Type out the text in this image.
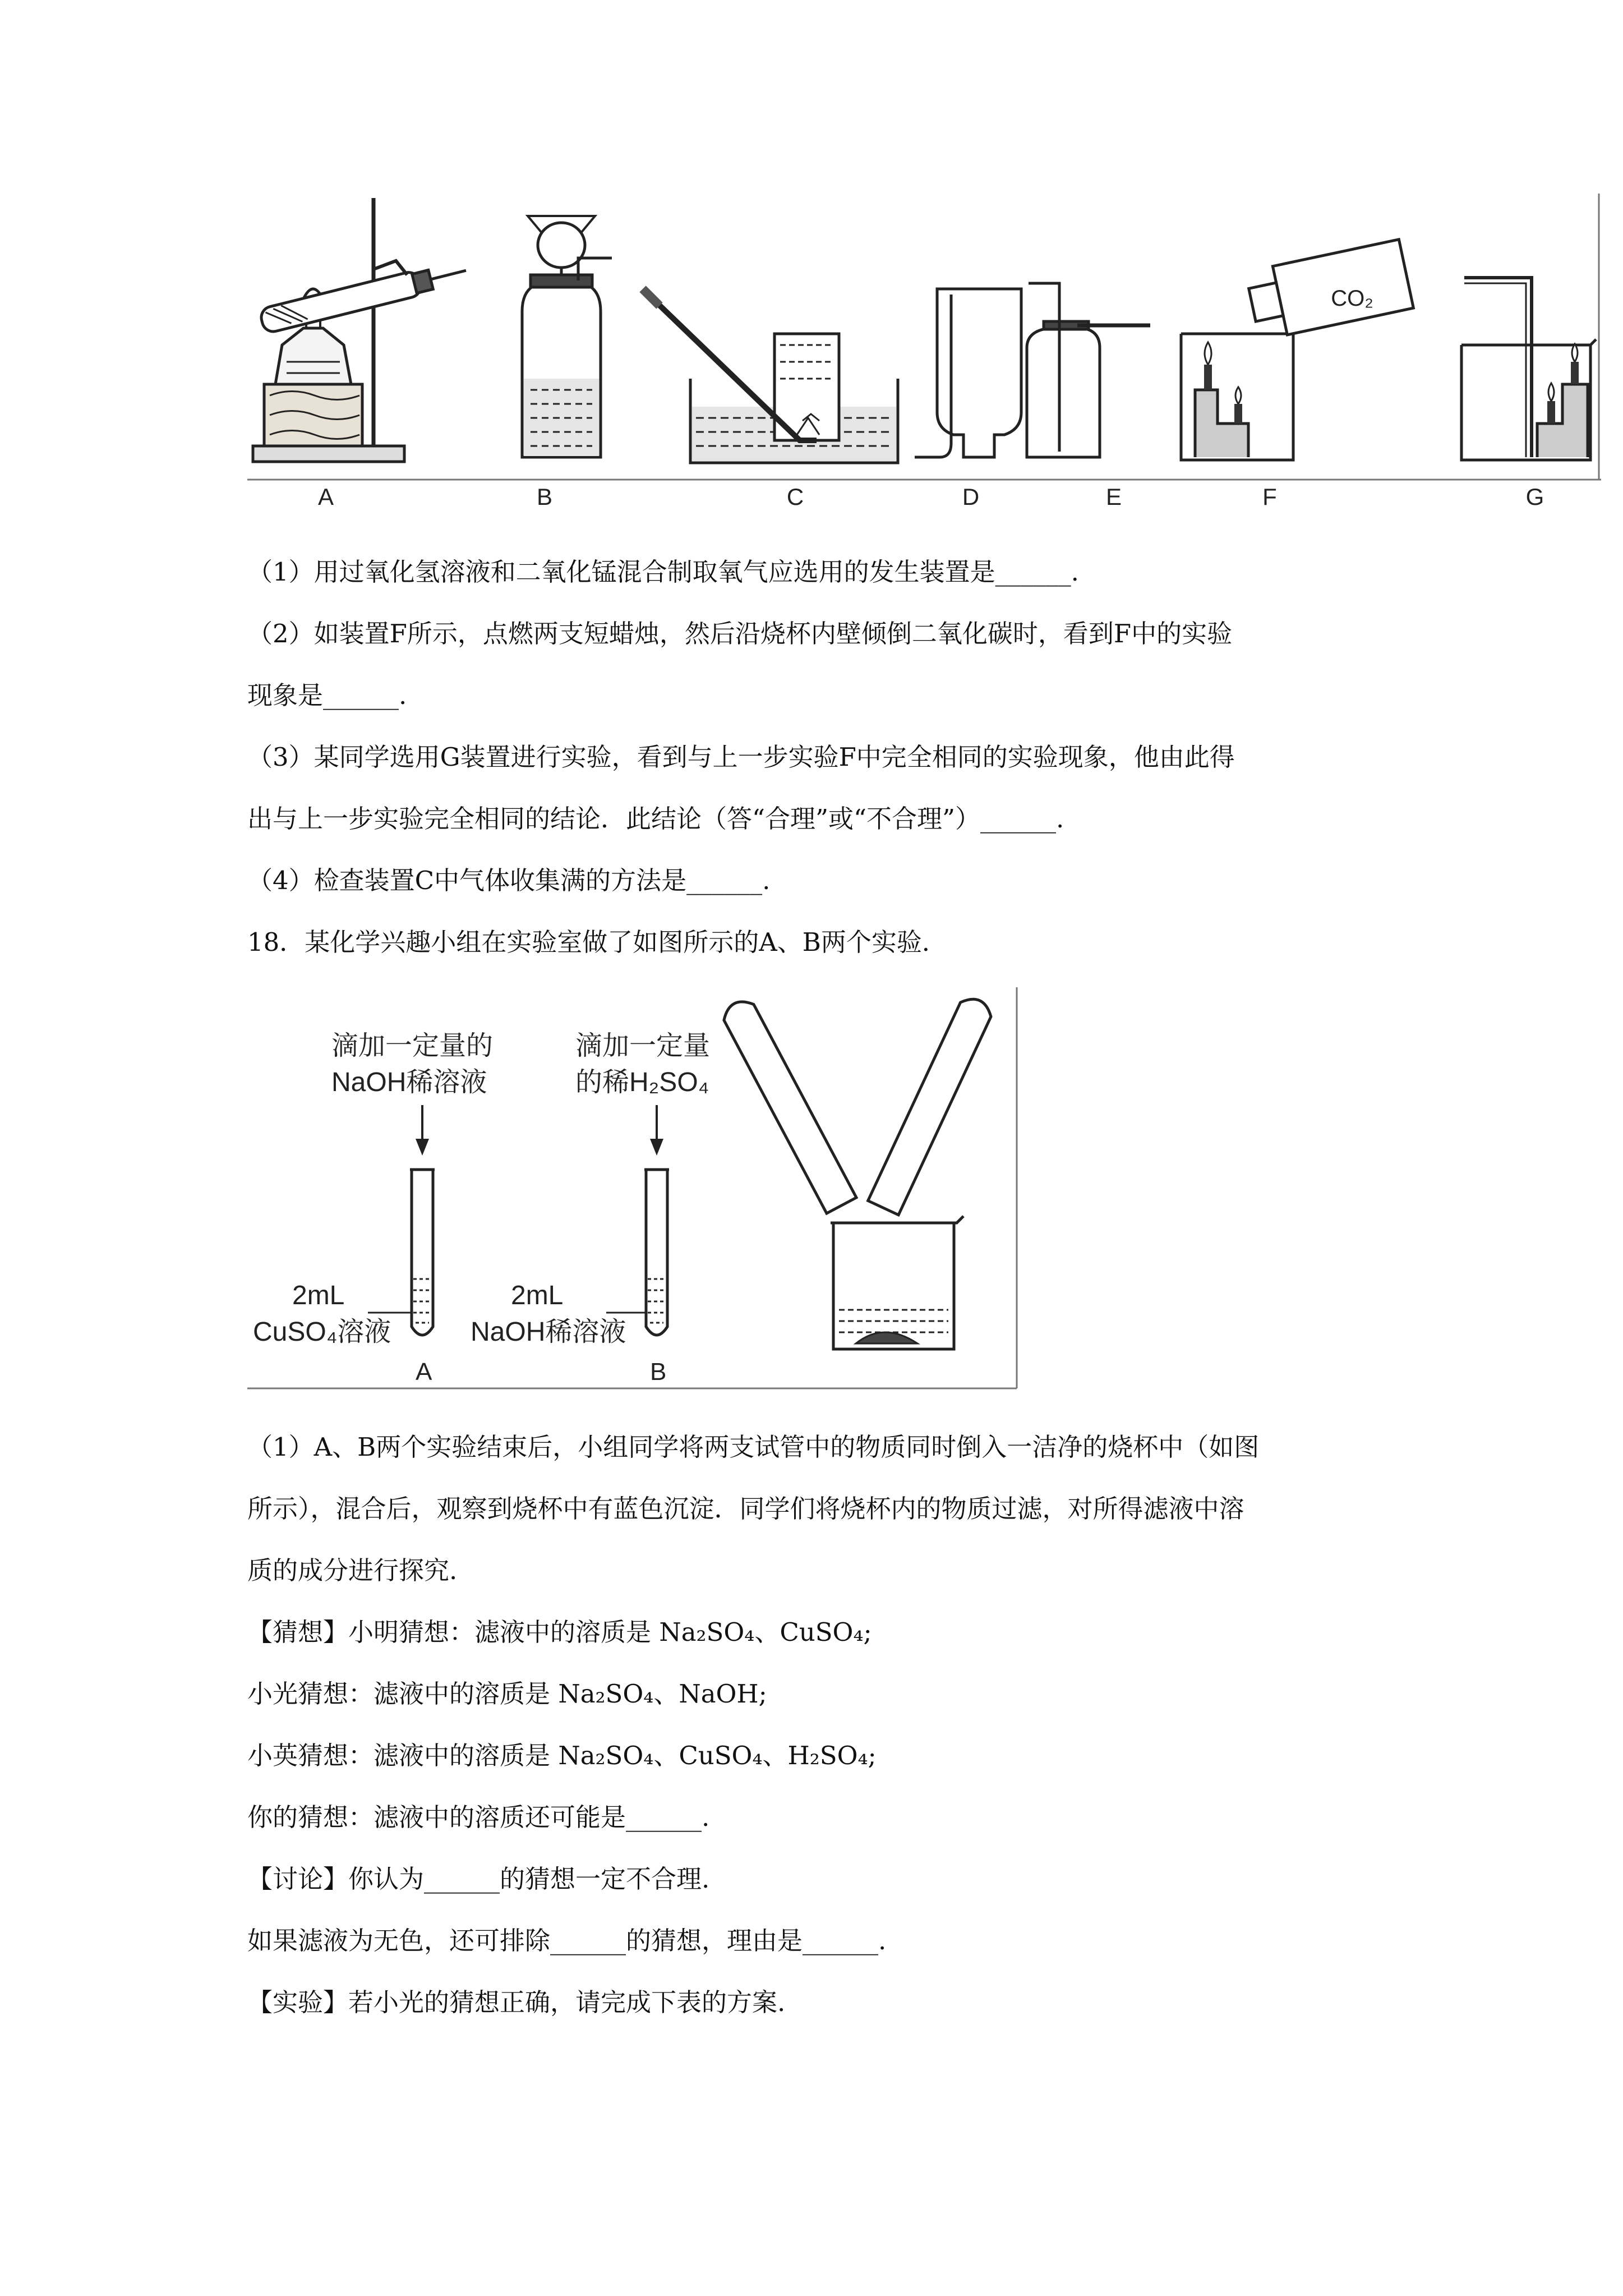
A	B	C	D	E
CO₂
F	G
（1）用过氧化氢溶液和二氧化锰混合制取氧气应选用的发生装置是______.
（2）如装置F所示，点燃两支短蜡烛，然后沿烧杯内壁倾倒二氧化碳时，看到F中的实验
现象是______.
（3）某同学选用G装置进行实验，看到与上一步实验F中完全相同的实验现象，他由此得
出与上一步实验完全相同的结论．此结论（答“合理”或“不合理”）______.
（4）检查装置C中气体收集满的方法是______.
18．某化学兴趣小组在实验室做了如图所示的A、B两个实验．
滴加一定量的
NaOH稀溶液
滴加一定量
的稀H₂SO₄
2mL
CuSO₄溶液
2mL
NaOH稀溶液
A	B
（1）A、B两个实验结束后，小组同学将两支试管中的物质同时倒入一洁净的烧杯中（如图
所示），混合后，观察到烧杯中有蓝色沉淀．同学们将烧杯内的物质过滤，对所得滤液中溶
质的成分进行探究.
【猜想】小明猜想：滤液中的溶质是 Na₂SO₄、CuSO₄;
小光猜想：滤液中的溶质是 Na₂SO₄、NaOH;
小英猜想：滤液中的溶质是 Na₂SO₄、CuSO₄、H₂SO₄;
你的猜想：滤液中的溶质还可能是______.
【讨论】你认为______的猜想一定不合理.
如果滤液为无色，还可排除______的猜想，理由是______.
【实验】若小光的猜想正确，请完成下表的方案.
